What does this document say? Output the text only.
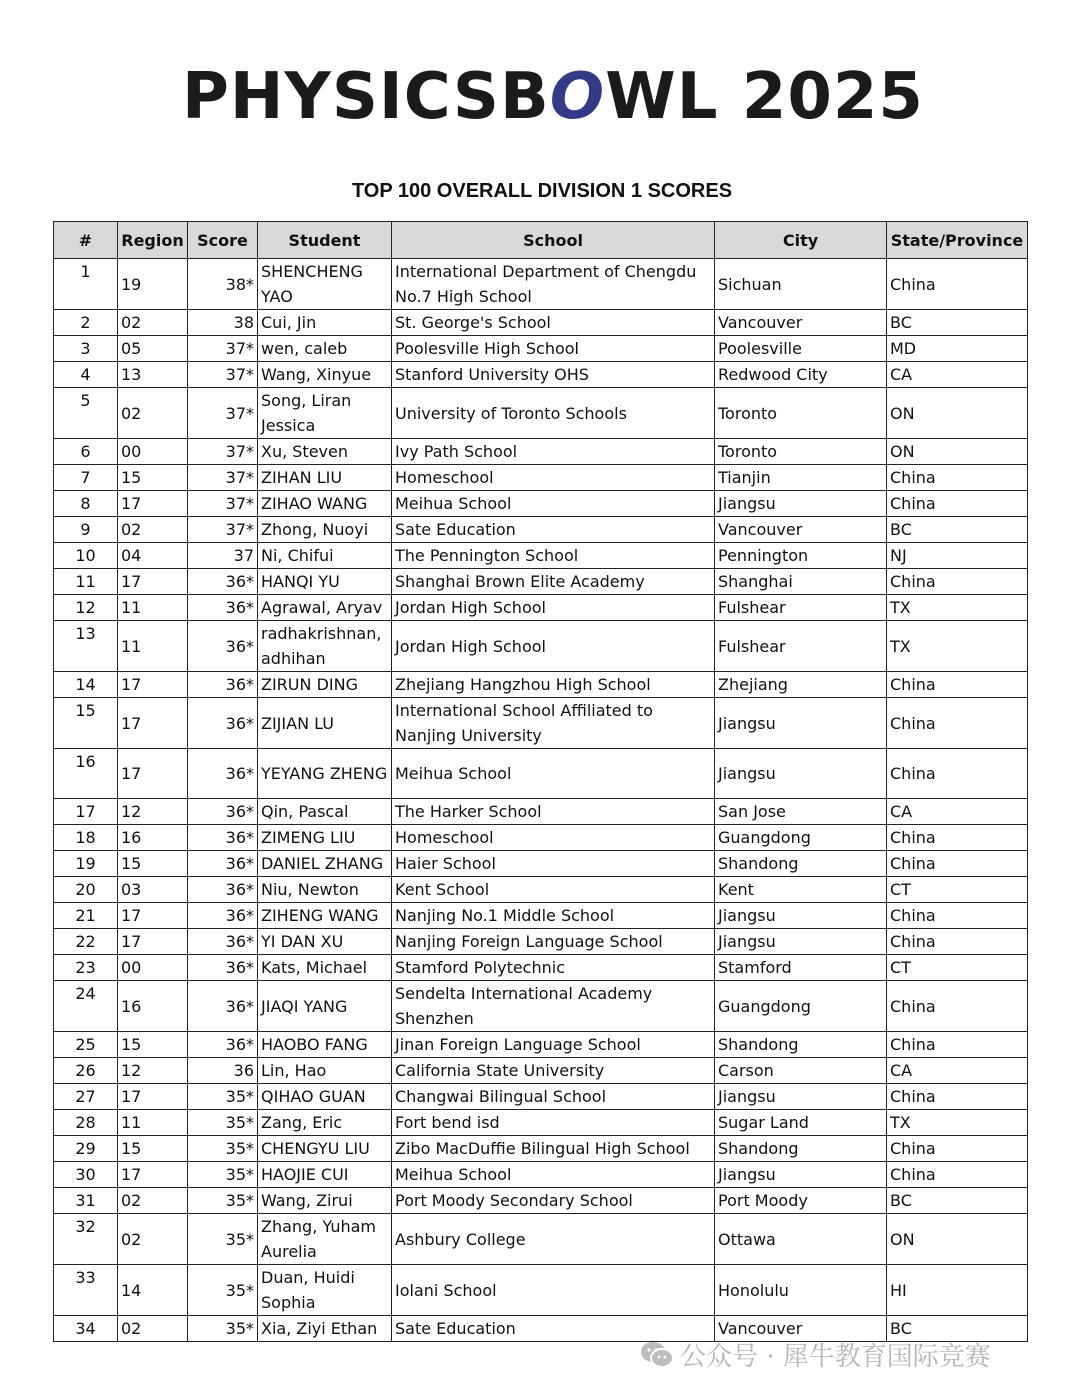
PHYSICSBOWL 2025
TOP 100 OVERALL DIVISION 1 SCORES
#	Region	Score	Student	School	City	State/Province
1	19	38*	SHENCHENG YAO	International Department of Chengdu No.7 High School	Sichuan	China
2	02	38	Cui, Jin	St. George's School	Vancouver	BC
3	05	37*	wen, caleb	Poolesville High School	Poolesville	MD
4	13	37*	Wang, Xinyue	Stanford University OHS	Redwood City	CA
5	02	37*	Song, Liran Jessica	University of Toronto Schools	Toronto	ON
6	00	37*	Xu, Steven	Ivy Path School	Toronto	ON
7	15	37*	ZIHAN LIU	Homeschool	Tianjin	China
8	17	37*	ZIHAO WANG	Meihua School	Jiangsu	China
9	02	37*	Zhong, Nuoyi	Sate Education	Vancouver	BC
10	04	37	Ni, Chifui	The Pennington School	Pennington	NJ
11	17	36*	HANQI YU	Shanghai Brown Elite Academy	Shanghai	China
12	11	36*	Agrawal, Aryav	Jordan High School	Fulshear	TX
13	11	36*	radhakrishnan, adhihan	Jordan High School	Fulshear	TX
14	17	36*	ZIRUN DING	Zhejiang Hangzhou High School	Zhejiang	China
15	17	36*	ZIJIAN LU	International School Affiliated to Nanjing University	Jiangsu	China
16	17	36*	YEYANG ZHENG	Meihua School	Jiangsu	China
17	12	36*	Qin, Pascal	The Harker School	San Jose	CA
18	16	36*	ZIMENG LIU	Homeschool	Guangdong	China
19	15	36*	DANIEL ZHANG	Haier School	Shandong	China
20	03	36*	Niu, Newton	Kent School	Kent	CT
21	17	36*	ZIHENG WANG	Nanjing No.1 Middle School	Jiangsu	China
22	17	36*	YI DAN XU	Nanjing Foreign Language School	Jiangsu	China
23	00	36*	Kats, Michael	Stamford Polytechnic	Stamford	CT
24	16	36*	JIAQI YANG	Sendelta International Academy Shenzhen	Guangdong	China
25	15	36*	HAOBO FANG	Jinan Foreign Language School	Shandong	China
26	12	36	Lin, Hao	California State University	Carson	CA
27	17	35*	QIHAO GUAN	Changwai Bilingual School	Jiangsu	China
28	11	35*	Zang, Eric	Fort bend isd	Sugar Land	TX
29	15	35*	CHENGYU LIU	Zibo MacDuffie Bilingual High School	Shandong	China
30	17	35*	HAOJIE CUI	Meihua School	Jiangsu	China
31	02	35*	Wang, Zirui	Port Moody Secondary School	Port Moody	BC
32	02	35*	Zhang, Yuham Aurelia	Ashbury College	Ottawa	ON
33	14	35*	Duan, Huidi Sophia	Iolani School	Honolulu	HI
34	02	35*	Xia, Ziyi Ethan	Sate Education	Vancouver	BC
公众号 · 犀牛教育国际竞赛
